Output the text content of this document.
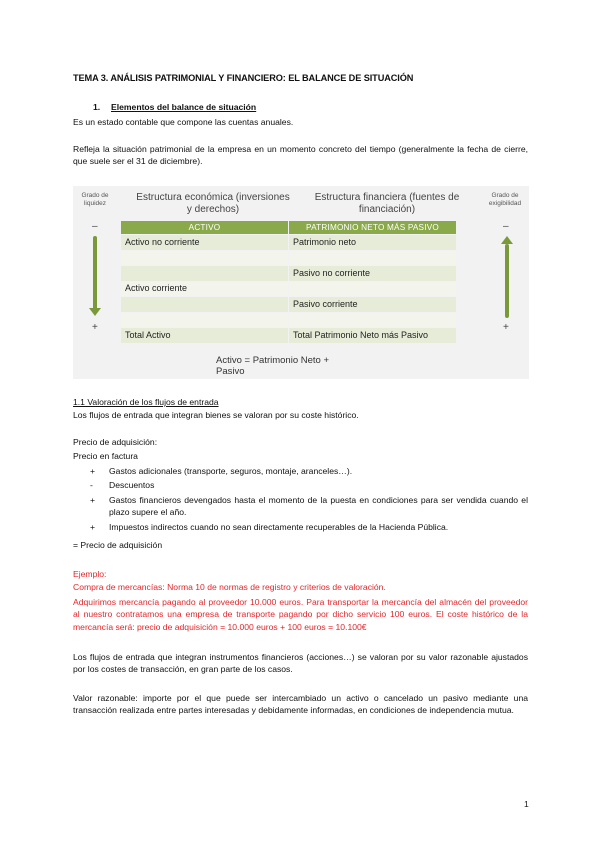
TEMA 3. ANÁLISIS PATRIMONIAL Y FINANCIERO: EL BALANCE DE SITUACIÓN
1. Elementos del balance de situación
Es un estado contable que compone las cuentas anuales.
Refleja la situación patrimonial de la empresa en un momento concreto del tiempo (generalmente la fecha de cierre, que suele ser el 31 de diciembre).
Grado de liquidez
Grado de exigibilidad
Estructura económica (inversiones y derechos)
Estructura financiera (fuentes de financiación)
–
+
–
+
ACTIVO	PATRIMONIO NETO MÁS PASIVO
Activo no corriente	Patrimonio neto

	Pasivo no corriente
Activo corriente	
	Pasivo corriente

Total Activo	Total Patrimonio Neto más Pasivo
Activo = Patrimonio Neto +
Pasivo
1.1 Valoración de los flujos de entrada
Los flujos de entrada que integran bienes se valoran por su coste histórico.
Precio de adquisición:
Precio en factura
+ Gastos adicionales (transporte, seguros, montaje, aranceles…).
- Descuentos
+ Gastos financieros devengados hasta el momento de la puesta en condiciones para ser vendida cuando el plazo supere el año.
+ Impuestos indirectos cuando no sean directamente recuperables de la Hacienda Pública.
= Precio de adquisición
Ejemplo:
Compra de mercancías: Norma 10 de normas de registro y criterios de valoración.
Adquirimos mercancía pagando al proveedor 10.000 euros. Para transportar la mercancía del almacén del proveedor al nuestro contratamos una empresa de transporte pagando por dicho servicio 100 euros. El coste histórico de la mercancía será: precio de adquisición = 10.000 euros + 100 euros = 10.100€
Los flujos de entrada que integran instrumentos financieros (acciones…) se valoran por su valor razonable ajustados por los costes de transacción, en gran parte de los casos.
Valor razonable: importe por el que puede ser intercambiado un activo o cancelado un pasivo mediante una transacción realizada entre partes interesadas y debidamente informadas, en condiciones de independencia mutua.
1
